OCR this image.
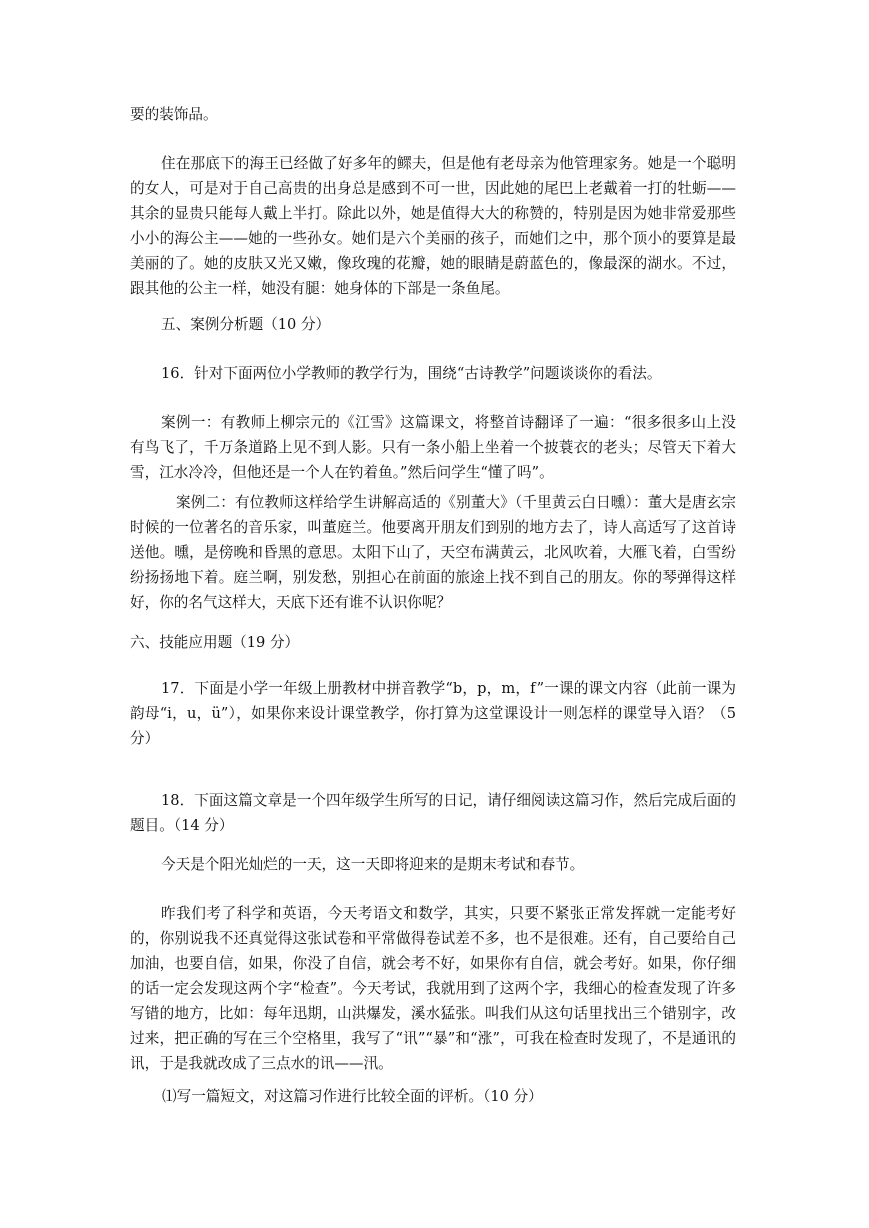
要的装饰品。

住在那底下的海王已经做了好多年的鳏夫，但是他有老母亲为他管理家务。她是一个聪明的女人，可是对于自己高贵的出身总是感到不可一世，因此她的尾巴上老戴着一打的牡蛎——其余的显贵只能每人戴上半打。除此以外，她是值得大大的称赞的，特别是因为她非常爱那些小小的海公主——她的一些孙女。她们是六个美丽的孩子，而她们之中，那个顶小的要算是最美丽的了。她的皮肤又光又嫩，像玫瑰的花瓣，她的眼睛是蔚蓝色的，像最深的湖水。不过，跟其他的公主一样，她没有腿：她身体的下部是一条鱼尾。

五、案例分析题（10 分）

16．针对下面两位小学教师的教学行为，围绕“古诗教学”问题谈谈你的看法。

案例一：有教师上柳宗元的《江雪》这篇课文，将整首诗翻译了一遍：“很多很多山上没有鸟飞了，千万条道路上见不到人影。只有一条小船上坐着一个披蓑衣的老头；尽管天下着大雪，江水冷冷，但他还是一个人在钓着鱼。”然后问学生“懂了吗”。

案例二：有位教师这样给学生讲解高适的《别董大》（千里黄云白日曛）：董大是唐玄宗时候的一位著名的音乐家，叫董庭兰。他要离开朋友们到别的地方去了，诗人高适写了这首诗送他。曛，是傍晚和昏黑的意思。太阳下山了，天空布满黄云，北风吹着，大雁飞着，白雪纷纷扬扬地下着。庭兰啊，别发愁，别担心在前面的旅途上找不到自己的朋友。你的琴弹得这样好，你的名气这样大，天底下还有谁不认识你呢？

六、技能应用题（19 分）

17．下面是小学一年级上册教材中拼音教学“b，p，m，f”一课的课文内容（此前一课为韵母“i，u，ü”），如果你来设计课堂教学，你打算为这堂课设计一则怎样的课堂导入语？（5 分）

18．下面这篇文章是一个四年级学生所写的日记，请仔细阅读这篇习作，然后完成后面的题目。（14 分）

今天是个阳光灿烂的一天，这一天即将迎来的是期末考试和春节。

昨我们考了科学和英语，今天考语文和数学，其实，只要不紧张正常发挥就一定能考好的，你别说我不还真觉得这张试卷和平常做得卷试差不多，也不是很难。还有，自己要给自己加油，也要自信，如果，你没了自信，就会考不好，如果你有自信，就会考好。如果，你仔细的话一定会发现这两个字“检查”。今天考试，我就用到了这两个字，我细心的检查发现了许多写错的地方，比如：每年迅期，山洪爆发，溪水猛张。叫我们从这句话里找出三个错别字，改过来，把正确的写在三个空格里，我写了“讯”“暴”和“涨”，可我在检查时发现了，不是通讯的讯，于是我就改成了三点水的讯——汛。

⑴写一篇短文，对这篇习作进行比较全面的评析。（10 分）
